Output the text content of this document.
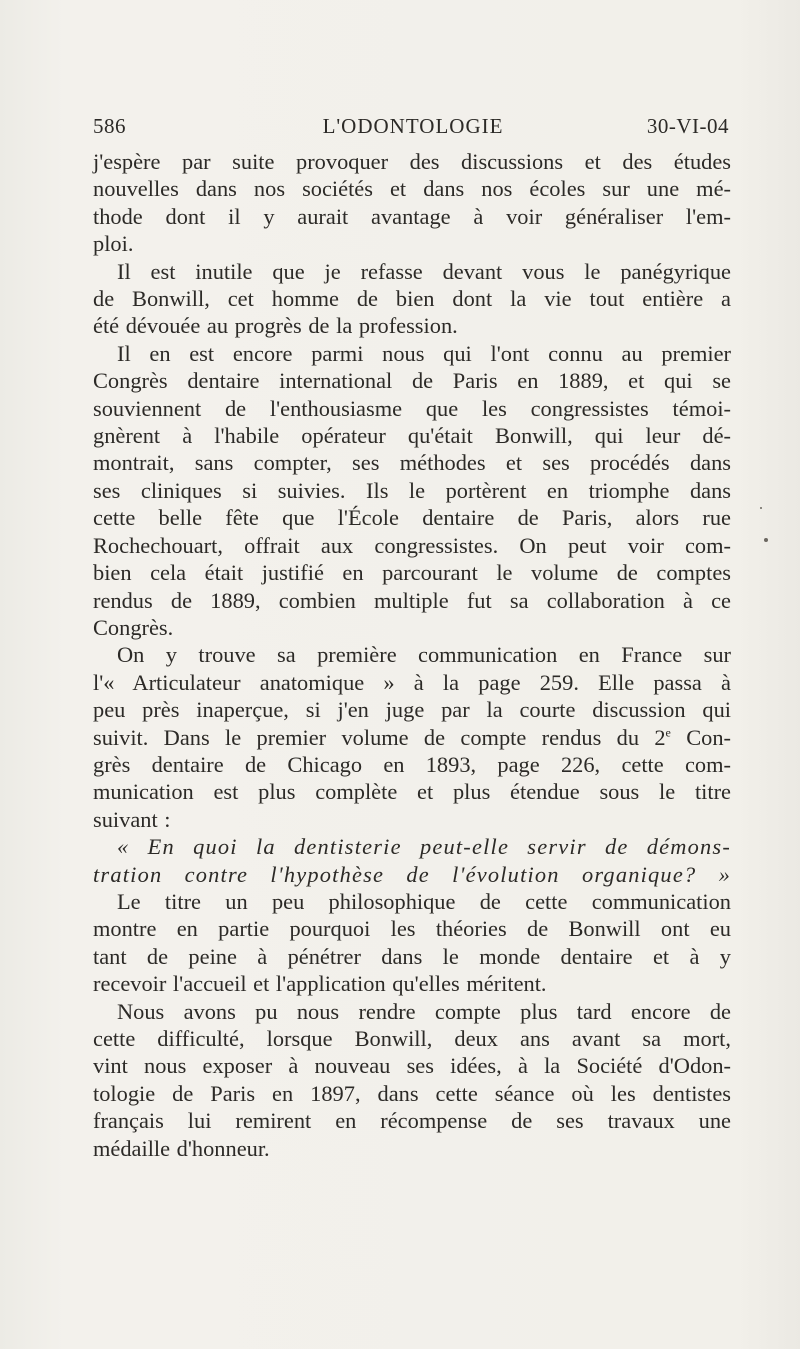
586	L'ODONTOLOGIE	30-VI-04
j'espère par suite provoquer des discussions et des études
nouvelles dans nos sociétés et dans nos écoles sur une mé-
thode dont il y aurait avantage à voir généraliser l'em-
ploi.
Il est inutile que je refasse devant vous le panégyrique
de Bonwill, cet homme de bien dont la vie tout entière a
été dévouée au progrès de la profession.
Il en est encore parmi nous qui l'ont connu au premier
Congrès dentaire international de Paris en 1889, et qui se
souviennent de l'enthousiasme que les congressistes témoi-
gnèrent à l'habile opérateur qu'était Bonwill, qui leur dé-
montrait, sans compter, ses méthodes et ses procédés dans
ses cliniques si suivies. Ils le portèrent en triomphe dans
cette belle fête que l'École dentaire de Paris, alors rue
Rochechouart, offrait aux congressistes. On peut voir com-
bien cela était justifié en parcourant le volume de comptes
rendus de 1889, combien multiple fut sa collaboration à ce
Congrès.
On y trouve sa première communication en France sur
l'« Articulateur anatomique » à la page 259. Elle passa à
peu près inaperçue, si j'en juge par la courte discussion qui
suivit. Dans le premier volume de compte rendus du 2e Con-
grès dentaire de Chicago en 1893, page 226, cette com-
munication est plus complète et plus étendue sous le titre
suivant :
« En quoi la dentisterie peut-elle servir de démons-
tration contre l'hypothèse de l'évolution organique? »
Le titre un peu philosophique de cette communication
montre en partie pourquoi les théories de Bonwill ont eu
tant de peine à pénétrer dans le monde dentaire et à y
recevoir l'accueil et l'application qu'elles méritent.
Nous avons pu nous rendre compte plus tard encore de
cette difficulté, lorsque Bonwill, deux ans avant sa mort,
vint nous exposer à nouveau ses idées, à la Société d'Odon-
tologie de Paris en 1897, dans cette séance où les dentistes
français lui remirent en récompense de ses travaux une
médaille d'honneur.
